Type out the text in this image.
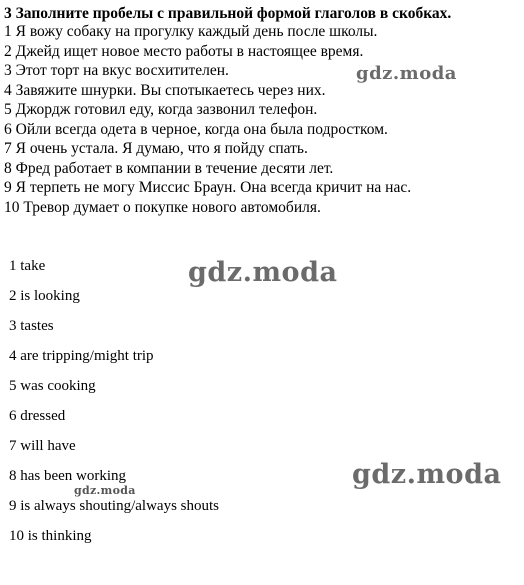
3 Заполните пробелы с правильной формой глаголов в скобках.
1 Я вожу собаку на прогулку каждый день после школы.
2 Джейд ищет новое место работы в настоящее время.
3 Этот торт на вкус восхитителен.
4 Завяжите шнурки. Вы спотыкаетесь через них.
5 Джордж готовил еду, когда зазвонил телефон.
6 Ойли всегда одета в черное, когда она была подростком.
7 Я очень устала. Я думаю, что я пойду спать.
8 Фред работает в компании в течение десяти лет.
9 Я терпеть не могу Миссис Браун. Она всегда кричит на нас.
10 Тревор думает о покупке нового автомобиля.
1 take
2 is looking
3 tastes
4 are tripping/might trip
5 was cooking
6 dressed
7 will have
8 has been working
9 is always shouting/always shouts
10 is thinking
gdz.moda
gdz.moda
gdz.moda
gdz.moda
